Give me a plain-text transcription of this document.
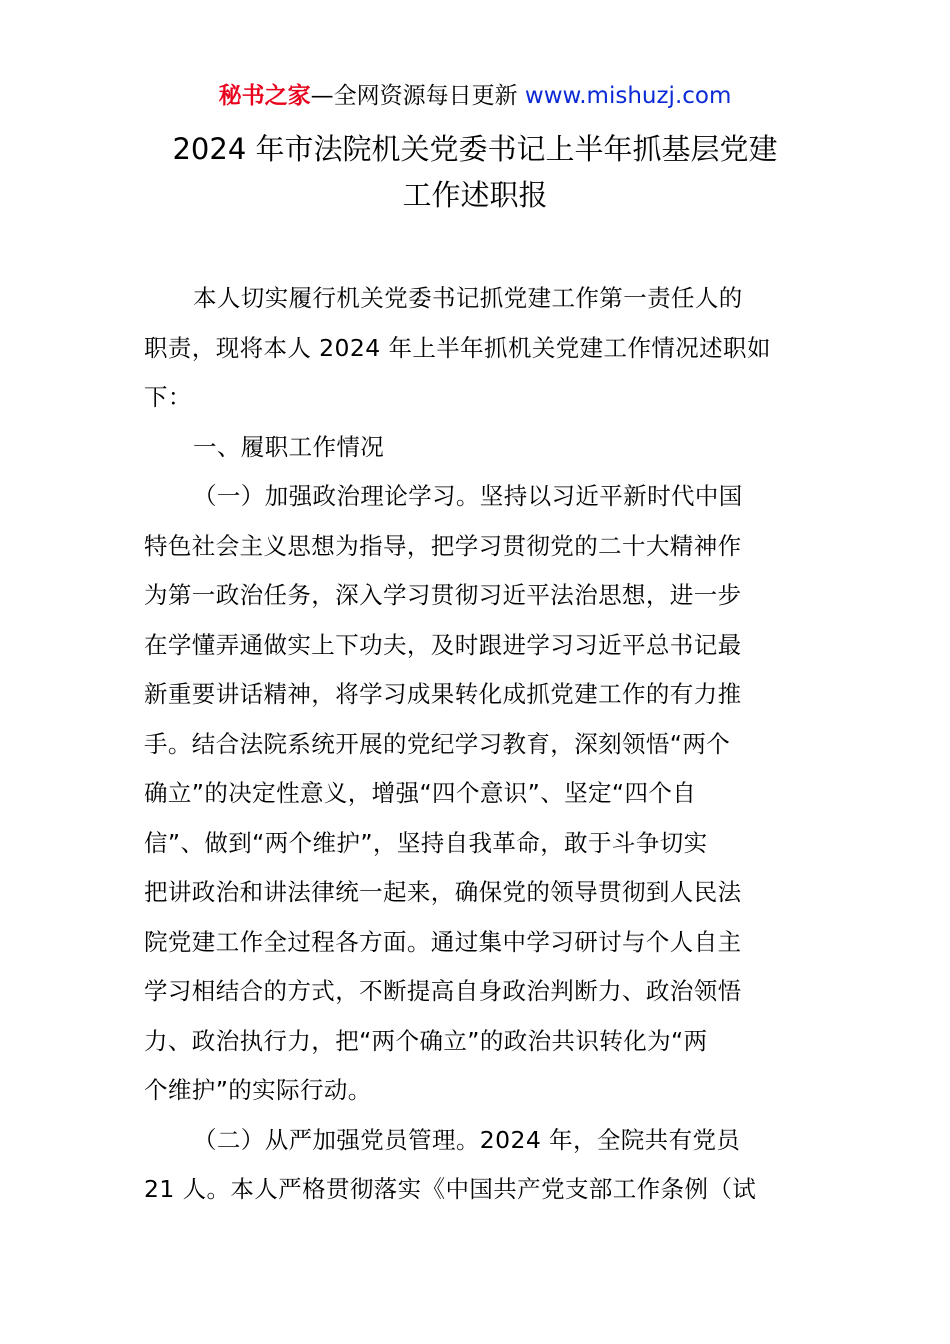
秘书之家—全网资源每日更新 www.mishuzj.com
2024 年市法院机关党委书记上半年抓基层党建
工作述职报
本人切实履行机关党委书记抓党建工作第一责任人的
职责，现将本人 2024 年上半年抓机关党建工作情况述职如
下：
一、履职工作情况
（一）加强政治理论学习。坚持以习近平新时代中国
特色社会主义思想为指导，把学习贯彻党的二十大精神作
为第一政治任务，深入学习贯彻习近平法治思想，进一步
在学懂弄通做实上下功夫，及时跟进学习习近平总书记最
新重要讲话精神，将学习成果转化成抓党建工作的有力推
手。结合法院系统开展的党纪学习教育，深刻领悟“两个
确立”的决定性意义，增强“四个意识”、坚定“四个自
信”、做到“两个维护”，坚持自我革命，敢于斗争切实
把讲政治和讲法律统一起来，确保党的领导贯彻到人民法
院党建工作全过程各方面。通过集中学习研讨与个人自主
学习相结合的方式，不断提高自身政治判断力、政治领悟
力、政治执行力，把“两个确立”的政治共识转化为“两
个维护”的实际行动。
（二）从严加强党员管理。2024 年，全院共有党员
21 人。本人严格贯彻落实《中国共产党支部工作条例（试
